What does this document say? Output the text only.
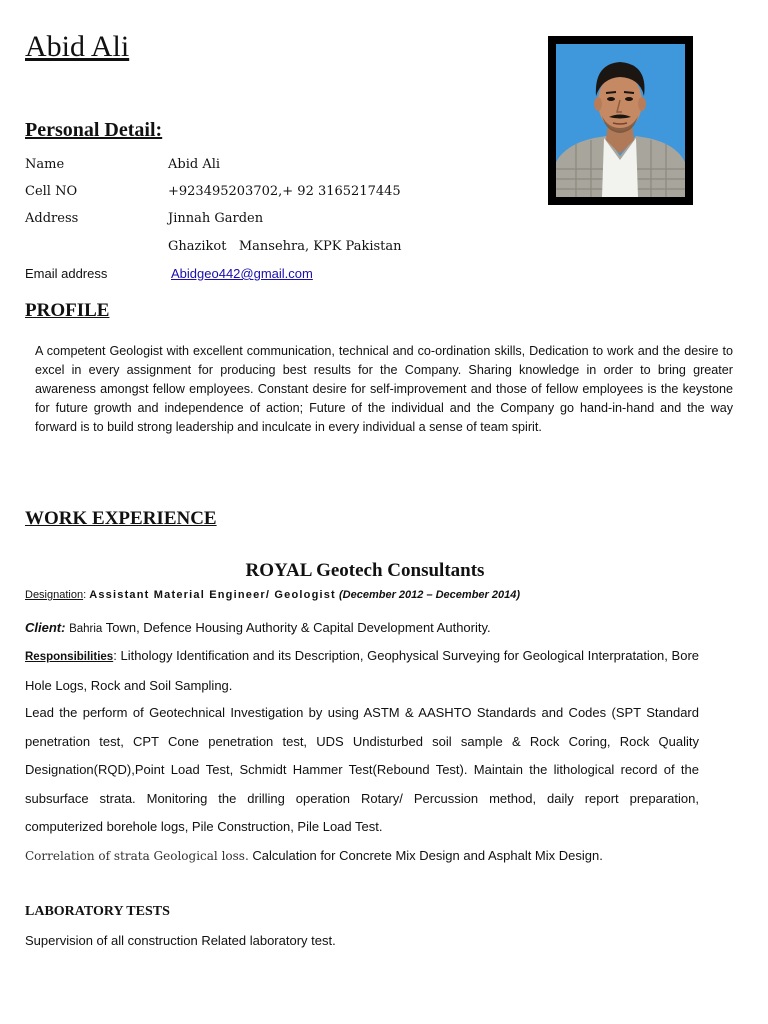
Abid Ali
Personal Detail:
Name	Abid Ali
Cell NO	+923495203702,+ 92 3165217445
Address	Jinnah Garden
Ghazikot   Mansehra, KPK Pakistan
Email address	Abidgeo442@gmail.com
PROFILE
A competent Geologist with excellent communication, technical and co-ordination skills, Dedication to work and the desire to excel in every assignment for producing best results for the Company. Sharing knowledge in order to bring greater awareness amongst fellow employees. Constant desire for self-improvement and those of fellow employees is the keystone for future growth and independence of action; Future of the individual and the Company go hand-in-hand and the way forward is to build strong leadership and inculcate in every individual a sense of team spirit.
WORK EXPERIENCE
ROYAL Geotech Consultants
Designation: Assistant Material Engineer/ Geologist (December 2012 – December 2014)
Client: Bahria Town, Defence Housing Authority & Capital Development Authority.
Responsibilities: Lithology Identification and its Description, Geophysical Surveying for Geological Interpratation, Bore Hole Logs, Rock and Soil Sampling.
Lead the perform of Geotechnical Investigation by using ASTM & AASHTO Standards and Codes (SPT Standard penetration test, CPT Cone penetration test, UDS Undisturbed soil sample & Rock Coring, Rock Quality Designation(RQD),Point Load Test, Schmidt Hammer Test(Rebound Test). Maintain the lithological record of the subsurface strata. Monitoring the drilling operation Rotary/ Percussion method, daily report preparation, computerized borehole logs, Pile Construction, Pile Load Test.
Correlation of strata Geological loss. Calculation for Concrete Mix Design and Asphalt Mix Design.
LABORATORY TESTS
Supervision of all construction Related laboratory test.
